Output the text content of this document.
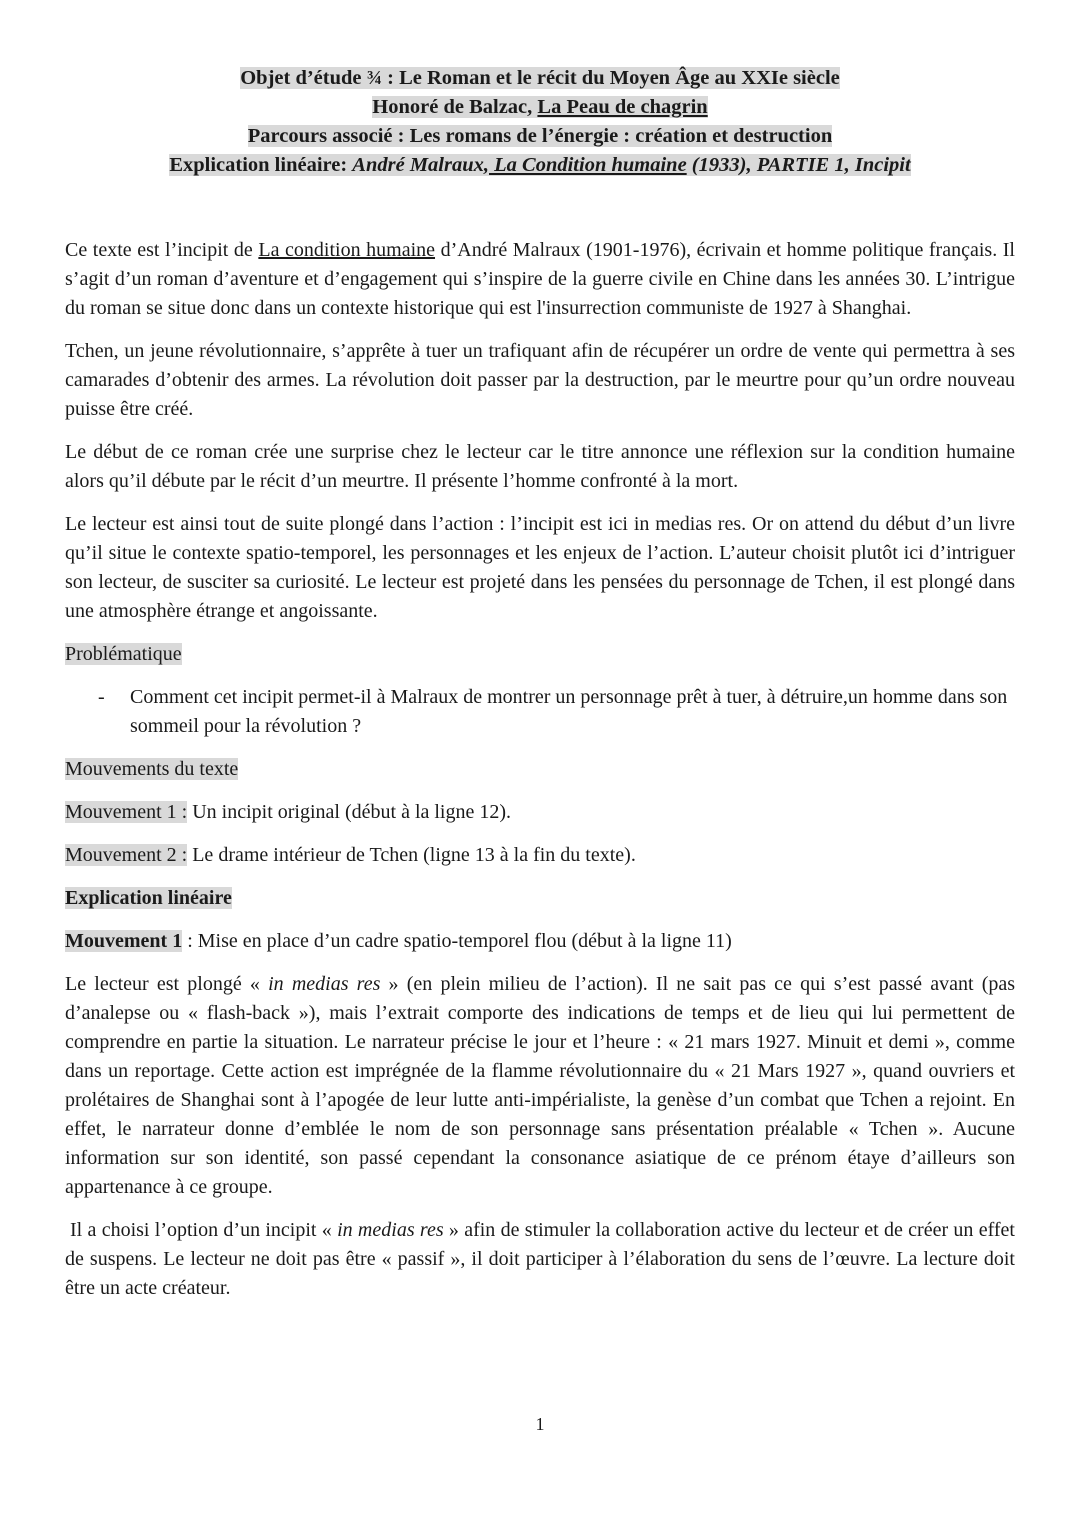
Objet d’étude ¾ : Le Roman et le récit du Moyen Âge au XXIe siècle
Honoré de Balzac, La Peau de chagrin
Parcours associé : Les romans de l’énergie : création et destruction
Explication linéaire: André Malraux, La Condition humaine (1933), PARTIE 1, Incipit

Ce texte est l’incipit de La condition humaine d’André Malraux (1901-1976), écrivain et homme politique français. Il s’agit d’un roman d’aventure et d’engagement qui s’inspire de la guerre civile en Chine dans les années 30. L’intrigue du roman se situe donc dans un contexte historique qui est l'insurrection communiste de 1927 à Shanghai.

Tchen, un jeune révolutionnaire, s’apprête à tuer un trafiquant afin de récupérer un ordre de vente qui permettra à ses camarades d’obtenir des armes. La révolution doit passer par la destruction, par le meurtre pour qu’un ordre nouveau puisse être créé.

Le début de ce roman crée une surprise chez le lecteur car le titre annonce une réflexion sur la condition humaine alors qu’il débute par le récit d’un meurtre. Il présente l’homme confronté à la mort.

Le lecteur est ainsi tout de suite plongé dans l’action : l’incipit est ici in medias res. Or on attend du début d’un livre qu’il situe le contexte spatio-temporel, les personnages et les enjeux de l’action. L’auteur choisit plutôt ici d’intriguer son lecteur, de susciter sa curiosité. Le lecteur est projeté dans les pensées du personnage de Tchen, il est plongé dans une atmosphère étrange et angoissante.

Problématique

-	Comment cet incipit permet-il à Malraux de montrer un personnage prêt à tuer, à détruire,un homme dans son sommeil pour la révolution ?

Mouvements du texte

Mouvement 1 : Un incipit original (début à la ligne 12).

Mouvement 2 : Le drame intérieur de Tchen (ligne 13 à la fin du texte).

Explication linéaire

Mouvement 1 : Mise en place d’un cadre spatio-temporel flou (début à la ligne 11)

Le lecteur est plongé « in medias res » (en plein milieu de l’action). Il ne sait pas ce qui s’est passé avant (pas d’analepse ou « flash-back »), mais l’extrait comporte des indications de temps et de lieu qui lui permettent de comprendre en partie la situation. Le narrateur précise le jour et l’heure : « 21 mars 1927. Minuit et demi », comme dans un reportage. Cette action est imprégnée de la flamme révolutionnaire du « 21 Mars 1927 », quand ouvriers et prolétaires de Shanghai sont à l’apogée de leur lutte anti-impérialiste, la genèse d’un combat que Tchen a rejoint. En effet, le narrateur donne d’emblée le nom de son personnage sans présentation préalable « Tchen ». Aucune information sur son identité, son passé cependant la consonance asiatique de ce prénom étaye d’ailleurs son appartenance à ce groupe.

Il a choisi l’option d’un incipit « in medias res » afin de stimuler la collaboration active du lecteur et de créer un effet de suspens. Le lecteur ne doit pas être « passif », il doit participer à l’élaboration du sens de l’œuvre. La lecture doit être un acte créateur.

1
